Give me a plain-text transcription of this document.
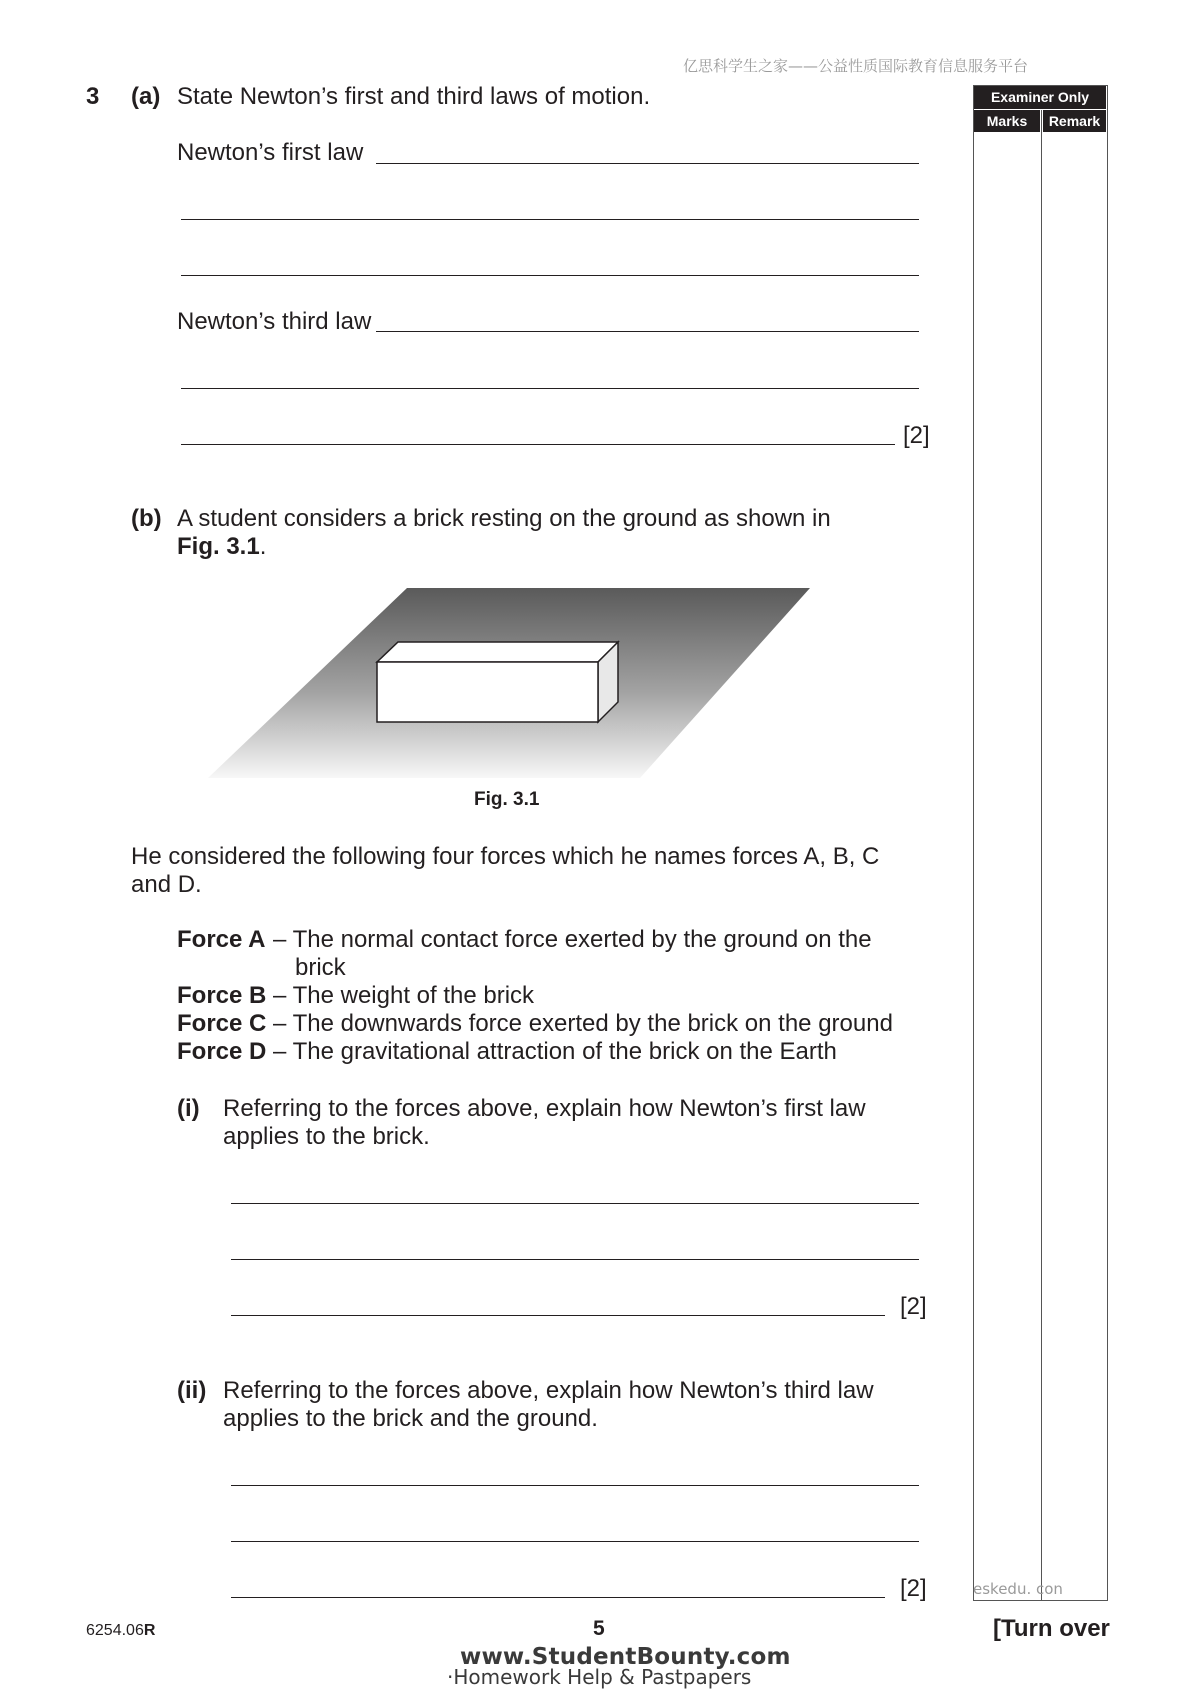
亿思科学生之家——公益性质国际教育信息服务平台
Examiner Only
Marks	Remark
3 (a) State Newton’s first and third laws of motion.
Newton’s first law
Newton’s third law
[2]
(b) A student considers a brick resting on the ground as shown in
Fig. 3.1.
Fig. 3.1
He considered the following four forces which he names forces A, B, C
and D.
Force A – The normal contact force exerted by the ground on the
brick
Force B – The weight of the brick
Force C – The downwards force exerted by the brick on the ground
Force D – The gravitational attraction of the brick on the Earth
(i) Referring to the forces above, explain how Newton’s first law
applies to the brick.
[2]
(ii) Referring to the forces above, explain how Newton’s third law
applies to the brick and the ground.
[2]	eskedu. con
6254.06R	5	[Turn over
www.StudentBounty.com
·Homework Help & Pastpapers
